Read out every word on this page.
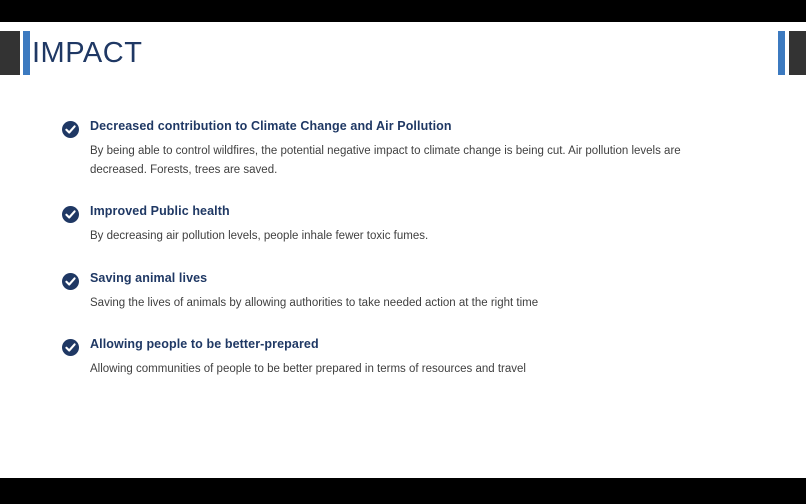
IMPACT

Decreased contribution to Climate Change and Air Pollution

By being able to control wildfires, the potential negative impact to climate change is being cut. Air pollution levels are decreased. Forests, trees are saved.

Improved Public health

By decreasing air pollution levels, people inhale fewer toxic fumes.

Saving animal lives

Saving the lives of animals by allowing authorities to take needed action at the right time

Allowing people to be better-prepared

Allowing communities of people to be better prepared in terms of resources and travel
